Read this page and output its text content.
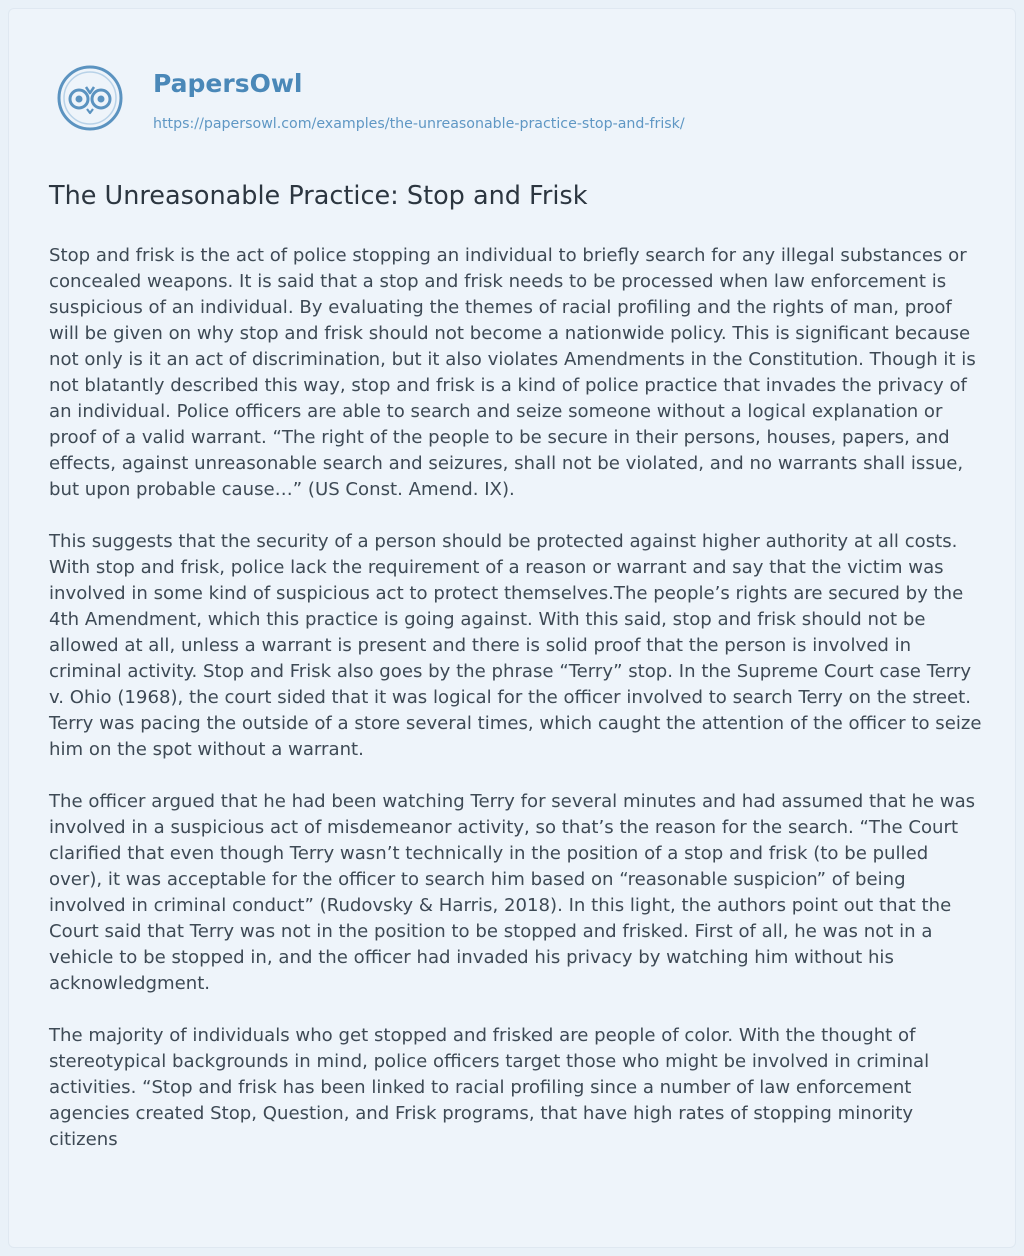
PapersOwl
https://papersowl.com/examples/the-unreasonable-practice-stop-and-frisk/
The Unreasonable Practice: Stop and Frisk

Stop and frisk is the act of police stopping an individual to briefly search for any illegal substances or concealed weapons. It is said that a stop and frisk needs to be processed when law enforcement is suspicious of an individual. By evaluating the themes of racial profiling and the rights of man, proof will be given on why stop and frisk should not become a nationwide policy. This is significant because not only is it an act of discrimination, but it also violates Amendments in the Constitution. Though it is not blatantly described this way, stop and frisk is a kind of police practice that invades the privacy of an individual. Police officers are able to search and seize someone without a logical explanation or proof of a valid warrant. “The right of the people to be secure in their persons, houses, papers, and effects, against unreasonable search and seizures, shall not be violated, and no warrants shall issue, but upon probable cause…” (US Const. Amend. IX).

This suggests that the security of a person should be protected against higher authority at all costs. With stop and frisk, police lack the requirement of a reason or warrant and say that the victim was involved in some kind of suspicious act to protect themselves.The people’s rights are secured by the 4th Amendment, which this practice is going against. With this said, stop and frisk should not be allowed at all, unless a warrant is present and there is solid proof that the person is involved in criminal activity. Stop and Frisk also goes by the phrase “Terry” stop. In the Supreme Court case Terry v. Ohio (1968), the court sided that it was logical for the officer involved to search Terry on the street. Terry was pacing the outside of a store several times, which caught the attention of the officer to seize him on the spot without a warrant.

The officer argued that he had been watching Terry for several minutes and had assumed that he was involved in a suspicious act of misdemeanor activity, so that’s the reason for the search. “The Court clarified that even though Terry wasn’t technically in the position of a stop and frisk (to be pulled over), it was acceptable for the officer to search him based on “reasonable suspicion” of being involved in criminal conduct” (Rudovsky & Harris, 2018). In this light, the authors point out that the Court said that Terry was not in the position to be stopped and frisked. First of all, he was not in a vehicle to be stopped in, and the officer had invaded his privacy by watching him without his acknowledgment.

The majority of individuals who get stopped and frisked are people of color. With the thought of stereotypical backgrounds in mind, police officers target those who might be involved in criminal activities. “Stop and frisk has been linked to racial profiling since a number of law enforcement agencies created Stop, Question, and Frisk programs, that have high rates of stopping minority citizens
